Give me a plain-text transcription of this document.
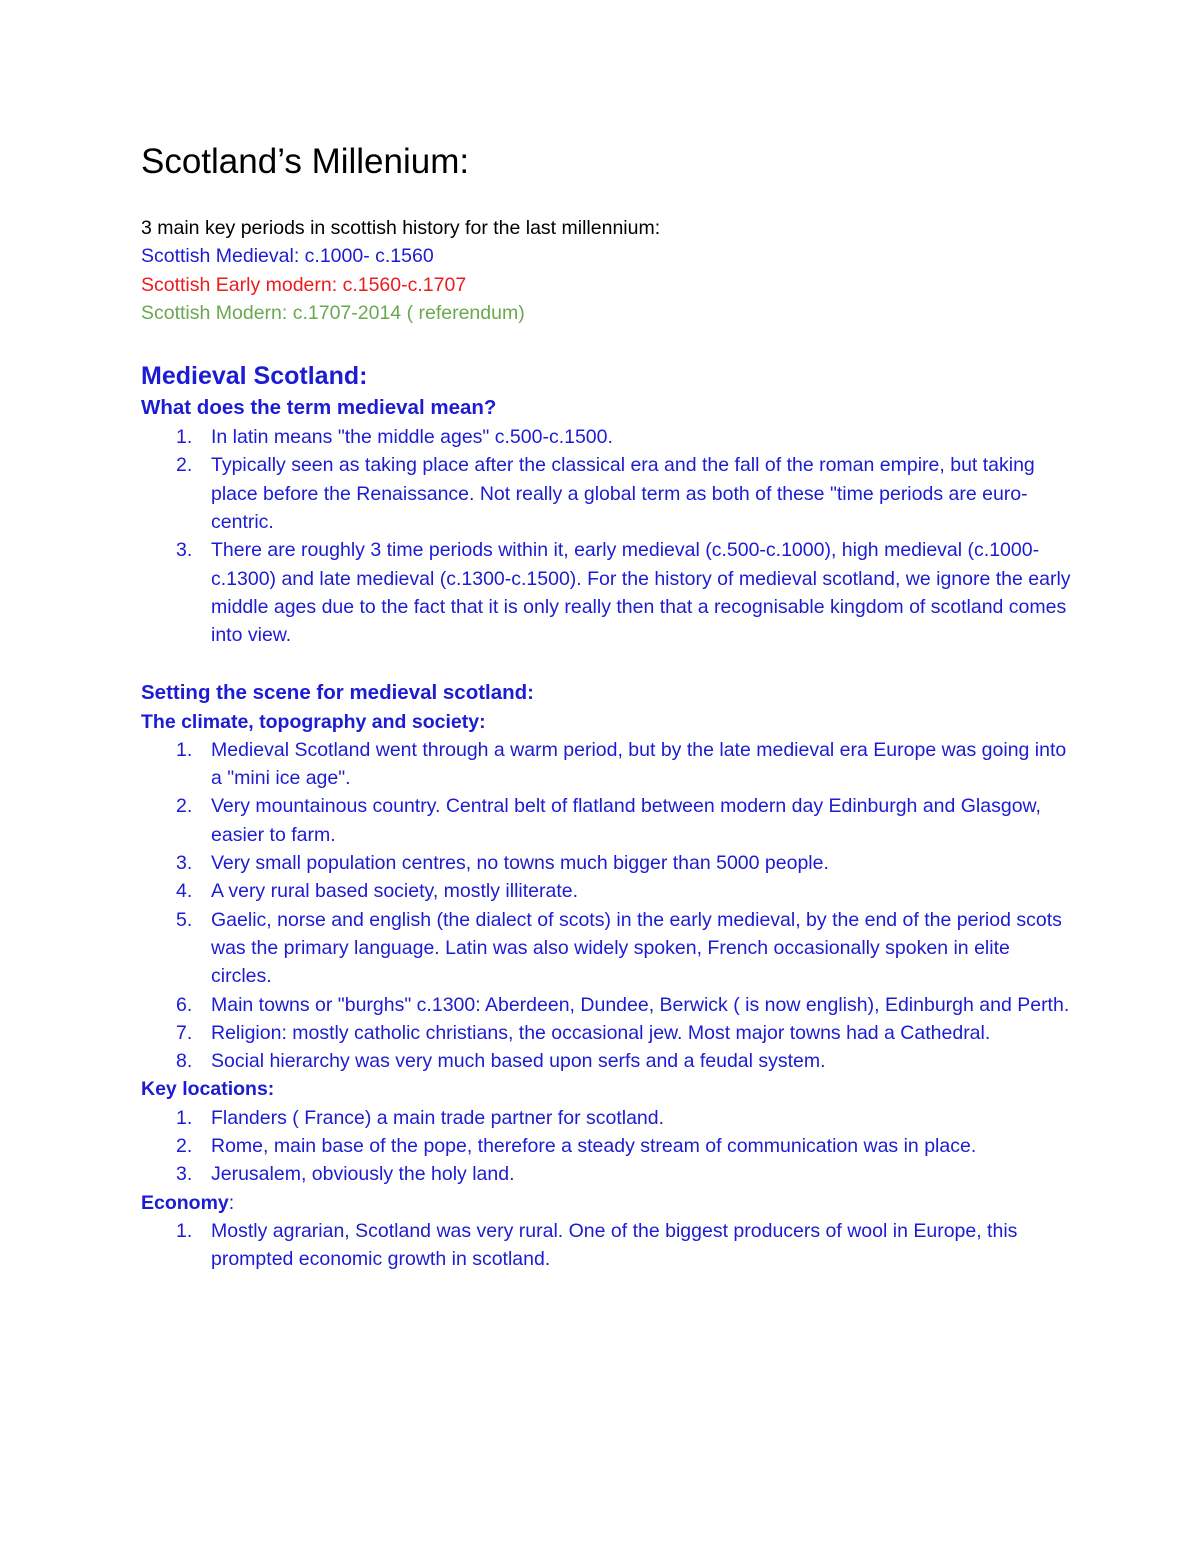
Scotland’s Millenium:

3 main key periods in scottish history for the last millennium:

Scottish Medieval: c.1000- c.1560

Scottish Early modern: c.1560-c.1707

Scottish Modern: c.1707-2014 ( referendum)

Medieval Scotland:
What does the term medieval mean?
1. In latin means "the middle ages" c.500-c.1500.
2. Typically seen as taking place after the classical era and the fall of the roman empire, but taking place before the Renaissance. Not really a global term as both of these "time periods are euro-centric.
3. There are roughly 3 time periods within it, early medieval (c.500-c.1000), high medieval (c.1000-c.1300) and late medieval (c.1300-c.1500). For the history of medieval scotland, we ignore the early middle ages due to the fact that it is only really then that a recognisable kingdom of scotland comes into view.
Setting the scene for medieval scotland:
The climate, topography and society:
1. Medieval Scotland went through a warm period, but by the late medieval era Europe was going into a "mini ice age".
2. Very mountainous country. Central belt of flatland between modern day Edinburgh and Glasgow, easier to farm.
3. Very small population centres, no towns much bigger than 5000 people.
4. A very rural based society, mostly illiterate.
5. Gaelic, norse and english (the dialect of scots) in the early medieval, by the end of the period scots was the primary language. Latin was also widely spoken, French occasionally spoken in elite circles.
6. Main towns or "burghs" c.1300: Aberdeen, Dundee, Berwick ( is now english), Edinburgh and Perth.
7. Religion: mostly catholic christians, the occasional jew. Most major towns had a Cathedral.
8. Social hierarchy was very much based upon serfs and a feudal system.
Key locations:
1. Flanders ( France) a main trade partner for scotland.
2. Rome, main base of the pope, therefore a steady stream of communication was in place.
3. Jerusalem, obviously the holy land.
Economy:
1. Mostly agrarian, Scotland was very rural. One of the biggest producers of wool in Europe, this prompted economic growth in scotland.
